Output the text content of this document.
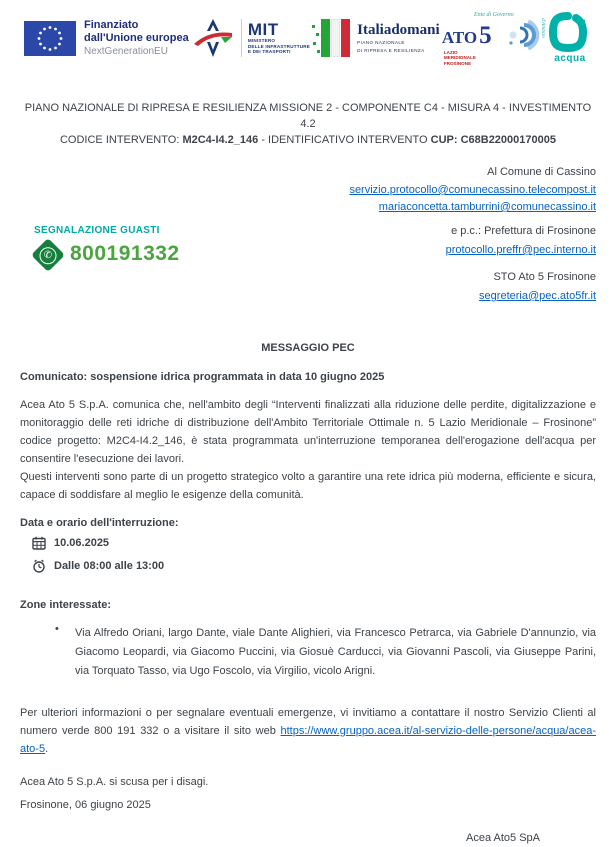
Finanziato
dall'Unione europea
NextGenerationEU
MIT
MINISTERO
DELLE INFRASTRUTTURE
E DEI TRASPORTI
Italiadomani
PIANO NAZIONALE
DI RIPRESA E RESILIENZA
Ente di Governo
ATO 5	d'Ambito
LAZIO
MERIDIONALE
FROSINONE
acea
acqua
PIANO NAZIONALE DI RIPRESA E RESILIENZA MISSIONE 2 - COMPONENTE C4 - MISURA 4 - INVESTIMENTO 4.2
CODICE INTERVENTO: M2C4-I4.2_146 - IDENTIFICATIVO INTERVENTO CUP: C68B22000170005
Al Comune di Cassino
servizio.protocollo@comunecassino.telecompost.it
mariaconcetta.tamburrini@comunecassino.it
SEGNALAZIONE GUASTI
✆ 800191332
e p.c.: Prefettura di Frosinone
protocollo.preffr@pec.interno.it
STO Ato 5 Frosinone
segreteria@pec.ato5fr.it
MESSAGGIO PEC
Comunicato: sospensione idrica programmata in data 10 giugno 2025

Acea Ato 5 S.p.A. comunica che, nell'ambito degli “Interventi finalizzati alla riduzione delle perdite, digitalizzazione e monitoraggio delle reti idriche di distribuzione dell'Ambito Territoriale Ottimale n. 5 Lazio Meridionale – Frosinone” codice progetto: M2C4-I4.2_146, è stata programmata un'interruzione temporanea dell'erogazione dell'acqua per consentire l'esecuzione dei lavori.

Questi interventi sono parte di un progetto strategico volto a garantire una rete idrica più moderna, efficiente e sicura, capace di soddisfare al meglio le esigenze della comunità.

Data e orario dell'interruzione:
10.06.2025
Dalle 08:00 alle 13:00
Zone interessate:
• Via Alfredo Oriani, largo Dante, viale Dante Alighieri, via Francesco Petrarca, via Gabriele D'annunzio, via Giacomo Leopardi, via Giacomo Puccini, via Giosuè Carducci, via Giovanni Pascoli, via Giuseppe Parini, via Torquato Tasso, via Ugo Foscolo, via Virgilio, vicolo Arigni.
Per ulteriori informazioni o per segnalare eventuali emergenze, vi invitiamo a contattare il nostro Servizio Clienti al numero verde 800 191 332 o a visitare il sito web https://www.gruppo.acea.it/al-servizio-delle-persone/acqua/acea-ato-5.
Acea Ato 5 S.p.A. si scusa per i disagi.
Frosinone, 06 giugno 2025
Acea Ato5 SpA
